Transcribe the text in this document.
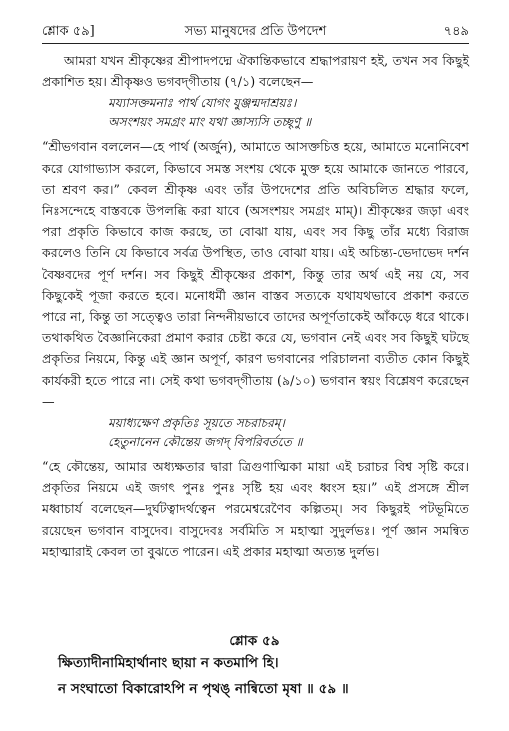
শ্লোক ৫৯]	সভ্য মানুষদের প্রতি উপদেশ	৭৪৯

আমরা যখন শ্রীকৃষ্ণের শ্রীপাদপদ্মে ঐকান্তিকভাবে শ্রদ্ধাপরায়ণ হই, তখন সব কিছুই প্রকাশিত হয়। শ্রীকৃষ্ণও ভগবদ্‌গীতায় (৭/১) বলেছেন—

ময্যাসক্তমনাঃ পার্থ যোগং যুঞ্জন্মদাশ্রয়ঃ।

অসংশয়ং সমগ্রং মাং যথা জ্ঞাস্যসি তচ্ছৃণু ॥

“শ্রীভগবান বললেন—হে পার্থ (অর্জুন), আমাতে আসক্তচিত্ত হয়ে, আমাতে মনোনিবেশ করে যোগাভ্যাস করলে, কিভাবে সমস্ত সংশয় থেকে মুক্ত হয়ে আমাকে জানতে পারবে, তা শ্রবণ কর।” কেবল শ্রীকৃষ্ণ এবং তাঁর উপদেশের প্রতি অবিচলিত শ্রদ্ধার ফলে, নিঃসন্দেহে বাস্তবকে উপলব্ধি করা যাবে (অসংশয়ং সমগ্রং মাম্)। শ্রীকৃষ্ণের জড়া এবং পরা প্রকৃতি কিভাবে কাজ করছে, তা বোঝা যায়, এবং সব কিছু তাঁর মধ্যে বিরাজ করলেও তিনি যে কিভাবে সর্বত্র উপস্থিত, তাও বোঝা যায়। এই অচিন্ত্য-ভেদাভেদ দর্শন বৈষ্ণবদের পূর্ণ দর্শন। সব কিছুই শ্রীকৃষ্ণের প্রকাশ, কিন্তু তার অর্থ এই নয় যে, সব কিছুকেই পূজা করতে হবে। মনোধর্মী জ্ঞান বাস্তব সত্যকে যথাযথভাবে প্রকাশ করতে পারে না, কিন্তু তা সত্ত্বেও তারা নিন্দনীয়ভাবে তাদের অপূর্ণতাকেই আঁকড়ে ধরে থাকে। তথাকথিত বৈজ্ঞানিকেরা প্রমাণ করার চেষ্টা করে যে, ভগবান নেই এবং সব কিছুই ঘটছে প্রকৃতির নিয়মে, কিন্তু এই জ্ঞান অপূর্ণ, কারণ ভগবানের পরিচালনা ব্যতীত কোন কিছুই কার্যকরী হতে পারে না। সেই কথা ভগবদ্‌গীতায় (৯/১০) ভগবান স্বয়ং বিশ্লেষণ করেছেন—

ময়াধ্যক্ষেণ প্রকৃতিঃ সূয়তে সচরাচরম্।

হেতুনানেন কৌন্তেয় জগদ্ বিপরিবর্ততে ॥

“হে কৌন্তেয়, আমার অধ্যক্ষতার দ্বারা ত্রিগুণাত্মিকা মায়া এই চরাচর বিশ্ব সৃষ্টি করে। প্রকৃতির নিয়মে এই জগৎ পুনঃ পুনঃ সৃষ্টি হয় এবং ধ্বংস হয়।” এই প্রসঙ্গে শ্রীল মধ্বাচার্য বলেছেন—দুর্ঘটত্বাদর্থত্বেন পরমেশ্বরেণৈব কল্পিতম্। সব কিছুরই পটভূমিতে রয়েছেন ভগবান বাসুদেব। বাসুদেবঃ সর্বমিতি স মহাত্মা সুদুর্লভঃ। পূর্ণ জ্ঞান সমন্বিত মহাত্মারাই কেবল তা বুঝতে পারেন। এই প্রকার মহাত্মা অত্যন্ত দুর্লভ।

শ্লোক ৫৯
ক্ষিত্যাদীনামিহার্থানাং ছায়া ন কতমাপি হি।
ন সংঘাতো বিকারোঽপি ন পৃথঙ্ নান্বিতো মৃষা ॥ ৫৯ ॥
